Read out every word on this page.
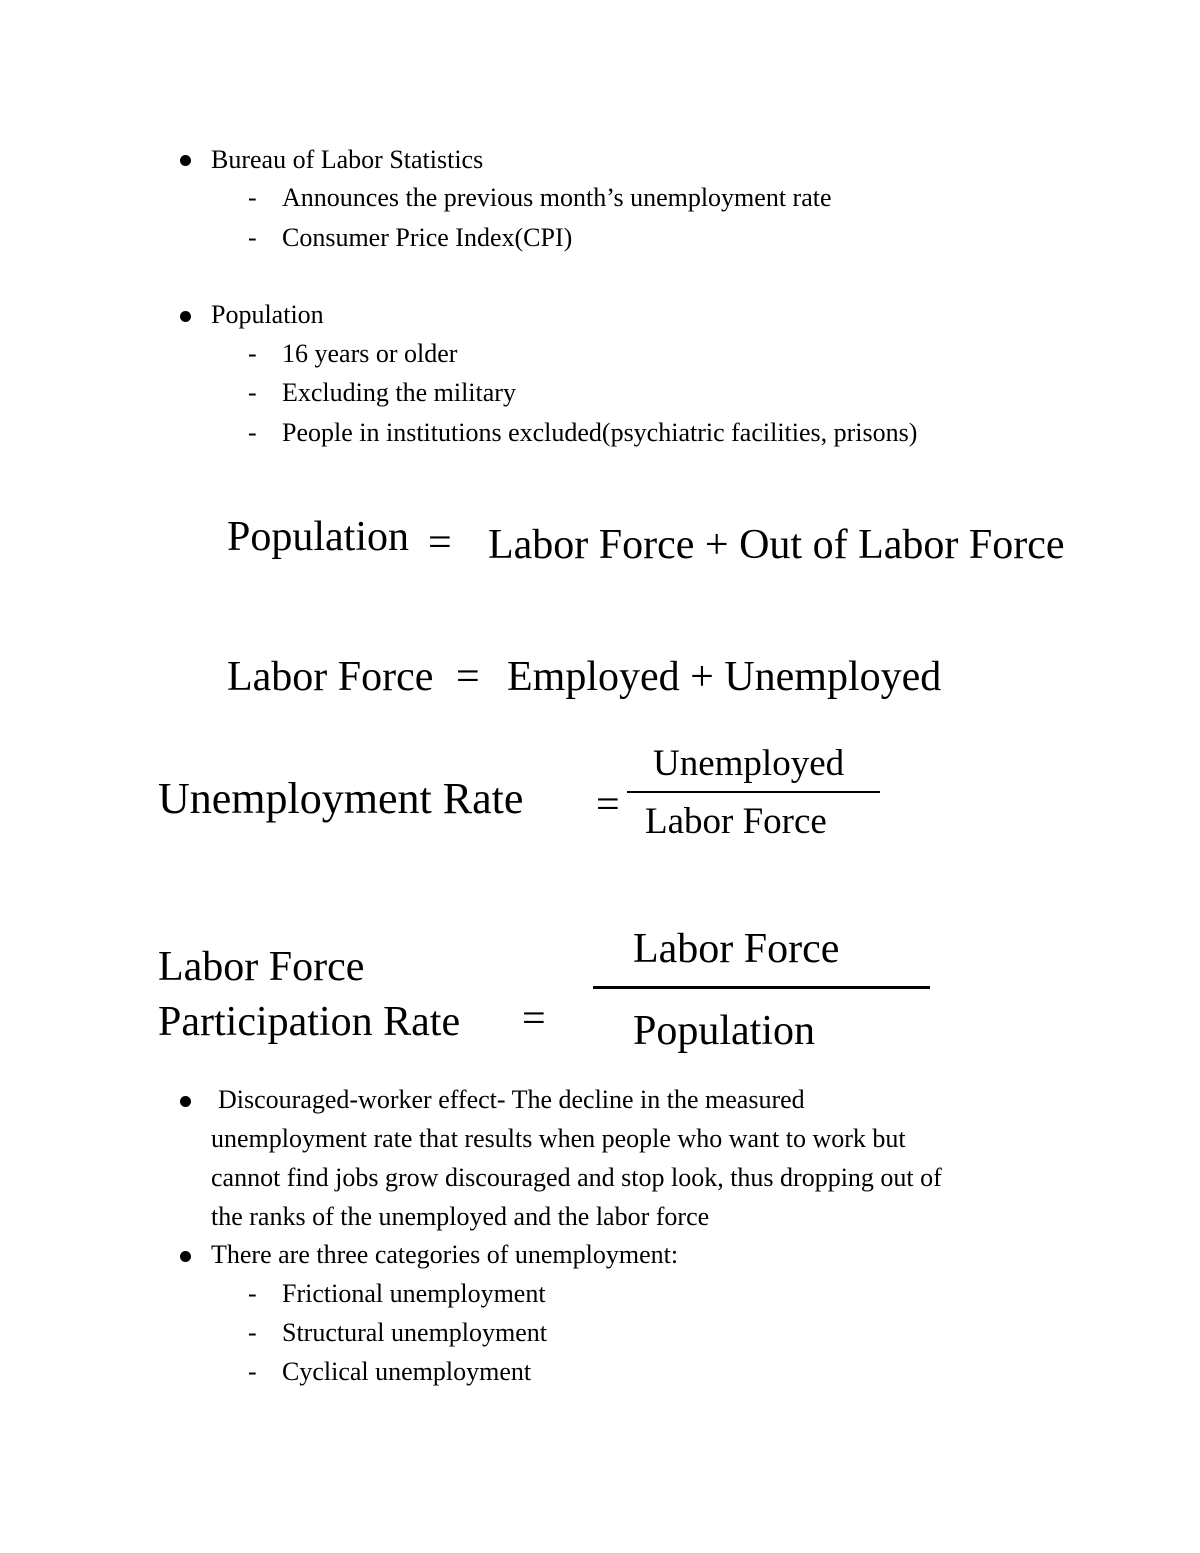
Bureau of Labor Statistics
- Announces the previous month’s unemployment rate
- Consumer Price Index(CPI)
Population
- 16 years or older
- Excluding the military
- People in institutions excluded(psychiatric facilities, prisons)
Population = Labor Force + Out of Labor Force
Labor Force = Employed + Unemployed
Unemployment Rate =
Unemployed
Labor Force
Labor Force
Participation Rate =
Labor Force
Population
Discouraged-worker effect- The decline in the measured
unemployment rate that results when people who want to work but
cannot find jobs grow discouraged and stop look, thus dropping out of
the ranks of the unemployed and the labor force
There are three categories of unemployment:
- Frictional unemployment
- Structural unemployment
- Cyclical unemployment
